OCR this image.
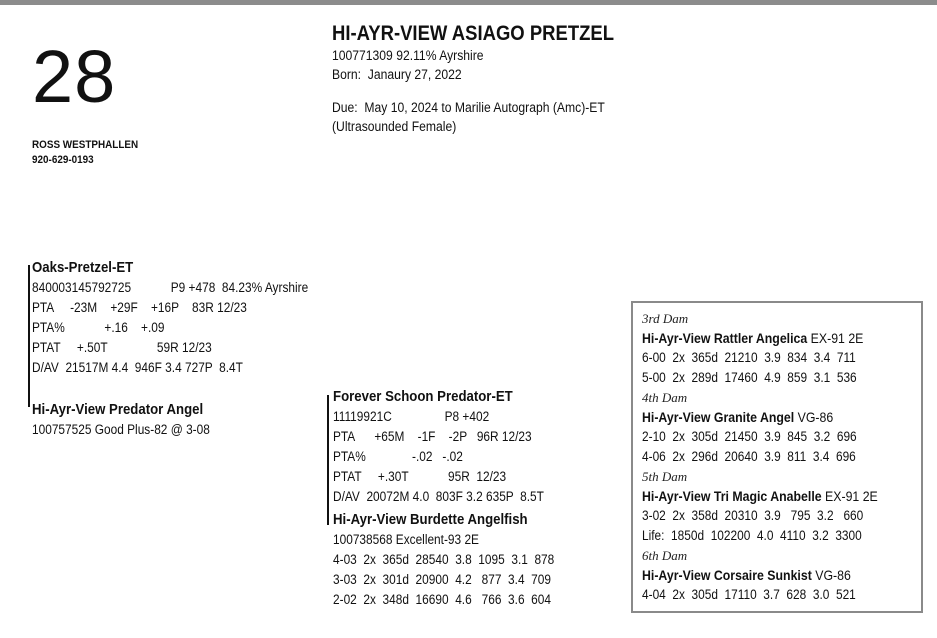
28
ROSS WESTPHALLEN
920-629-0193
HI-AYR-VIEW ASIAGO PRETZEL
100771309 92.11% Ayrshire
Born:  Janaury 27, 2022
Due:  May 10, 2024 to Marilie Autograph (Amc)-ET
(Ultrasounded Female)
Oaks-Pretzel-ET
840003145792725            P9 +478  84.23% Ayrshire
PTA     -23M    +29F    +16P    83R 12/23
PTA%            +.16    +.09
PTAT     +.50T               59R 12/23
D/AV  21517M 4.4  946F 3.4 727P  8.4T
Hi-Ayr-View Predator Angel
100757525 Good Plus-82 @ 3-08
Forever Schoon Predator-ET
11119921C                P8 +402
PTA      +65M    -1F    -2P   96R 12/23
PTA%              -.02   -.02
PTAT     +.30T            95R  12/23
D/AV  20072M 4.0  803F 3.2 635P  8.5T
Hi-Ayr-View Burdette Angelfish
100738568 Excellent-93 2E
4-03  2x  365d  28540  3.8  1095  3.1  878
3-03  2x  301d  20900  4.2   877  3.4  709
2-02  2x  348d  16690  4.6   766  3.6  604
3rd Dam
Hi-Ayr-View Rattler Angelica EX-91 2E
6-00  2x  365d  21210  3.9  834  3.4  711
5-00  2x  289d  17460  4.9  859  3.1  536
4th Dam
Hi-Ayr-View Granite Angel VG-86
2-10  2x  305d  21450  3.9  845  3.2  696
4-06  2x  296d  20640  3.9  811  3.4  696
5th Dam
Hi-Ayr-View Tri Magic Anabelle EX-91 2E
3-02  2x  358d  20310  3.9   795  3.2   660
Life:  1850d  102200  4.0  4110  3.2  3300
6th Dam
Hi-Ayr-View Corsaire Sunkist VG-86
4-04  2x  305d  17110  3.7  628  3.0  521
